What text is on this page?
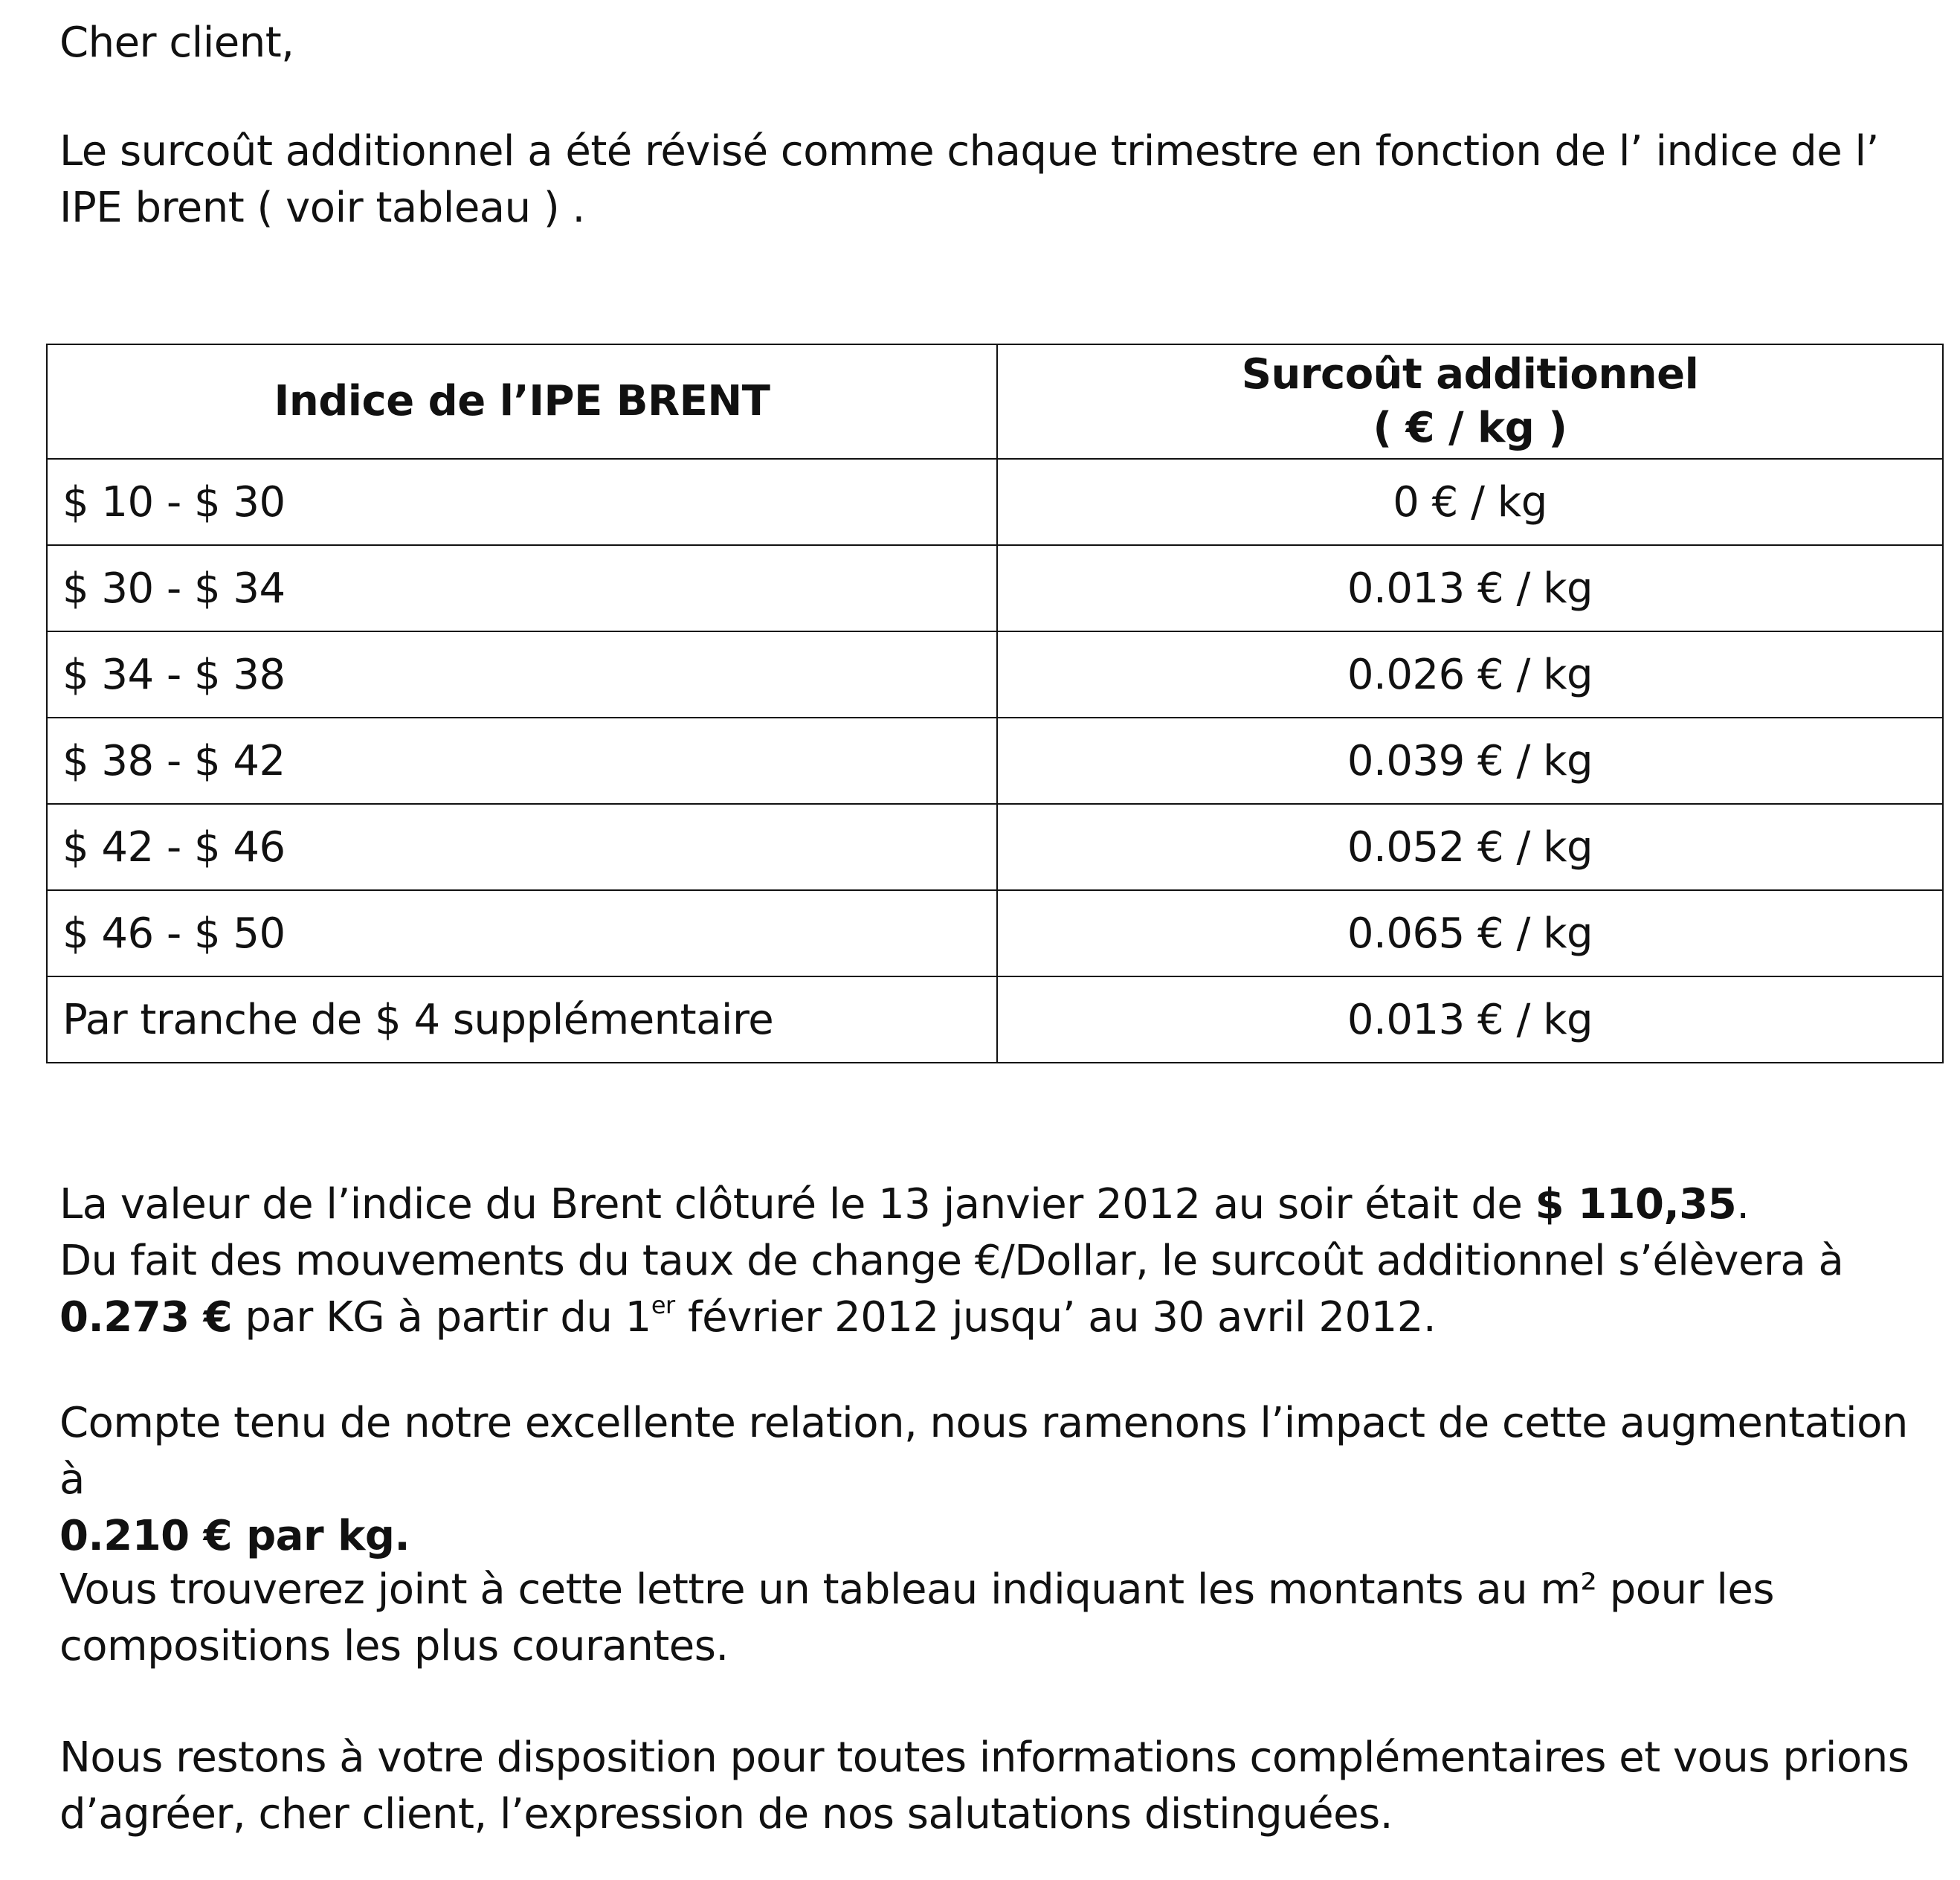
Cher client,

Le surcoût additionnel a été révisé comme chaque trimestre en fonction de l’ indice de l’ IPE brent ( voir tableau ) .

Indice de l’IPE BRENT	Surcoût additionnel
( € / kg )

$ 10 - $ 30	0 € / kg
$ 30 - $ 34	0.013 € / kg
$ 34 - $ 38	0.026 € / kg
$ 38 - $ 42	0.039 € / kg
$ 42 - $ 46	0.052 € / kg
$ 46 - $ 50	0.065 € / kg
Par tranche de $ 4 supplémentaire	0.013 € / kg

La valeur de l’indice du Brent clôturé le 13 janvier 2012 au soir était de $ 110,35.
Du fait des mouvements du taux de change €/Dollar, le surcoût additionnel s’élèvera à
0.273 € par KG à partir du 1er février 2012 jusqu’ au 30 avril 2012.

Compte tenu de notre excellente relation, nous ramenons l’impact de cette augmentation à
0.210 € par kg.

Vous trouverez joint à cette lettre un tableau indiquant les montants au m² pour les compositions les plus courantes.

Nous restons à votre disposition pour toutes informations complémentaires et vous prions d’agréer, cher client, l’expression de nos salutations distinguées.
